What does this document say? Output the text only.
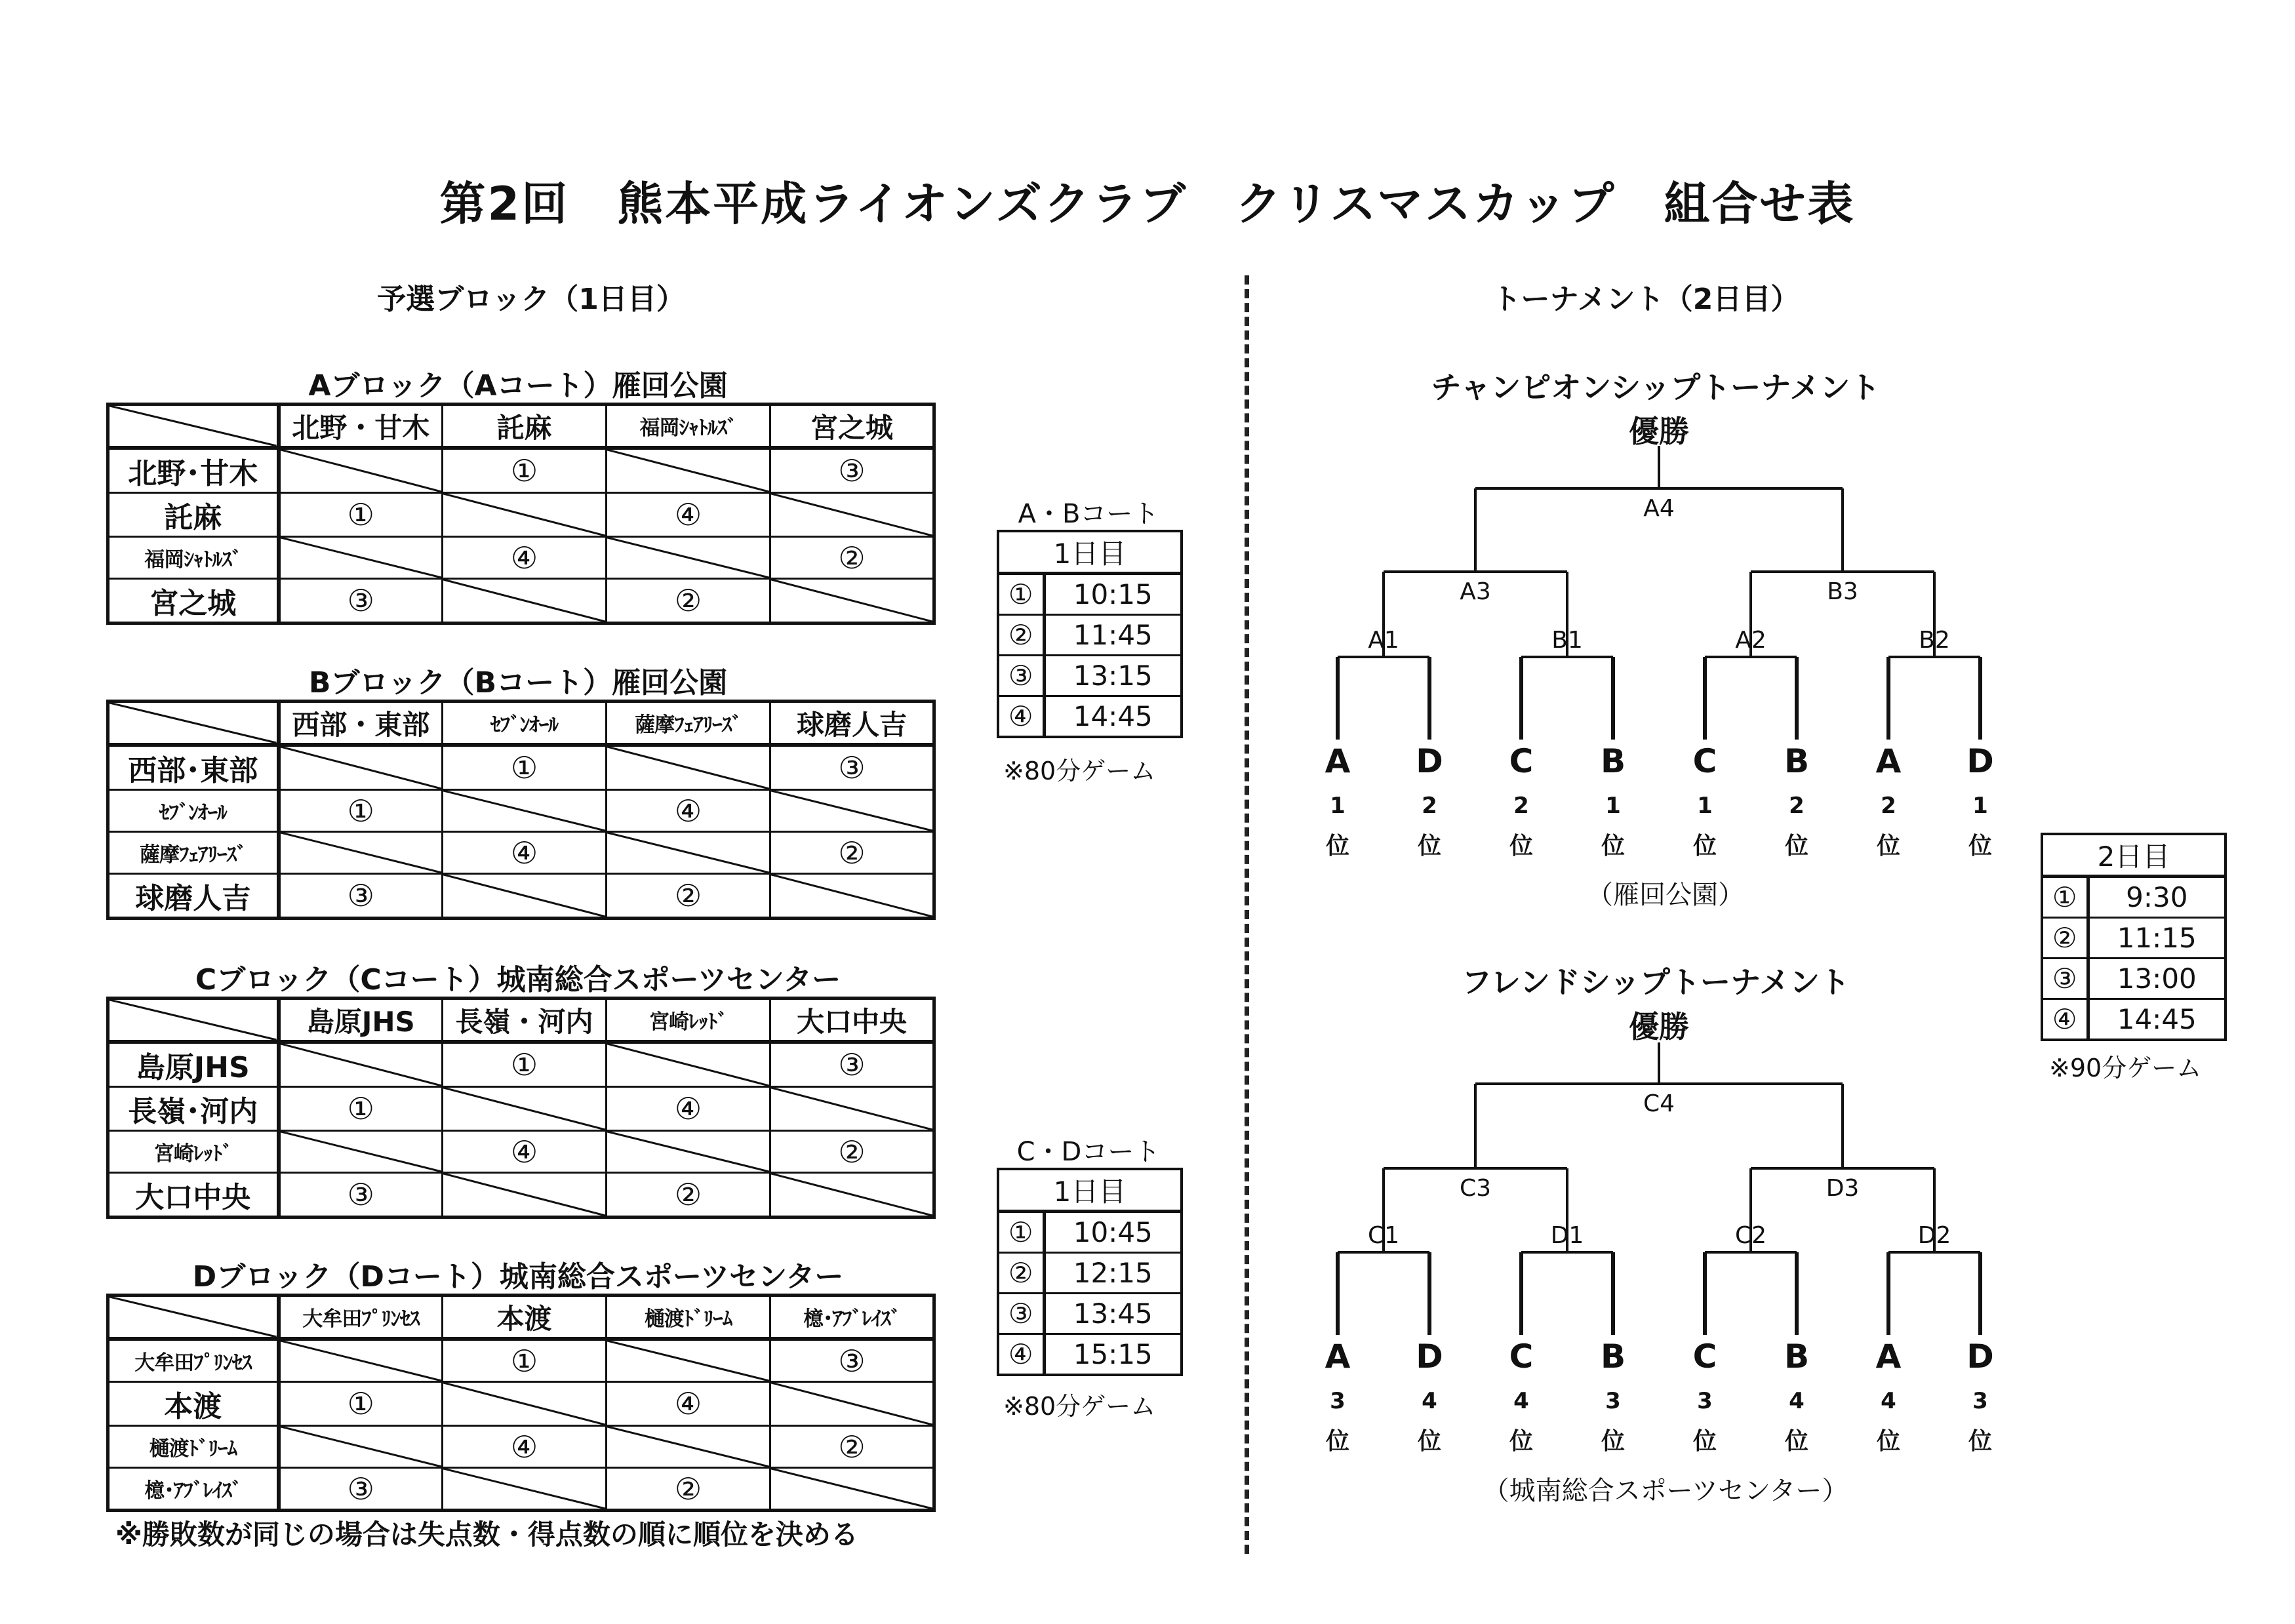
第2回　熊本平成ライオンズクラブ　クリスマスカップ　組合せ表
予選ブロック（1日目）
Aブロック（Aコート）雁回公園
Bブロック（Bコート）雁回公園
Cブロック（Cコート）城南総合スポーツセンター
Dブロック（Dコート）城南総合スポーツセンター
	北野・甘木	託麻	福岡ｼｬﾄﾙｽﾞ	宮之城
北野･甘木		①		③
託麻	①		④	

福岡ｼｬﾄﾙｽﾞ		④		②
宮之城	③		②	
	西部・東部	ｾﾌﾞﾝｵｰﾙ	薩摩ﾌｪｱﾘｰｽﾞ	球磨人吉
西部･東部		①		③
ｾﾌﾞﾝｵｰﾙ	①		④	

薩摩ﾌｪｱﾘｰｽﾞ		④		②
球磨人吉	③		②	
	島原JHS	長嶺・河内	宮崎ﾚｯﾄﾞ	大口中央
島原JHS		①		③
長嶺･河内	①		④	

宮崎ﾚｯﾄﾞ		④		②
大口中央	③		②	
	大牟田ﾌﾟﾘﾝｾｽ	本渡	樋渡ﾄﾞﾘｰﾑ	檍･ｱﾌﾞﾚｲｽﾞ
大牟田ﾌﾟﾘﾝｾｽ		①		③
本渡	①		④	

樋渡ﾄﾞﾘｰﾑ		④		②
檍･ｱﾌﾞﾚｲｽﾞ	③		②	
※勝敗数が同じの場合は失点数・得点数の順に順位を決める
A・Bコート
1日目	
①	10:15
②	11:45
③	13:15
④	14:45
※80分ゲーム
C・Dコート
1日目	
①	10:45
②	12:15
③	13:45
④	15:15
※80分ゲーム
2日目	
①	9:30
②	11:15
③	13:00
④	14:45
※90分ゲーム
トーナメント（2日目）
チャンピオンシップトーナメント
優勝
A1	B1	A2	B2
A3	B3
A4
A
1
位
D
2
位
C
2
位
B
1
位
C
1
位
B
2
位
A
2
位
D
1
位
（雁回公園）
フレンドシップトーナメント
優勝
C1	D1	C2	D2
C3	D3
C4
A
3
位
D
4
位
C
4
位
B
3
位
C
3
位
B
4
位
A
4
位
D
3
位
（城南総合スポーツセンター）
